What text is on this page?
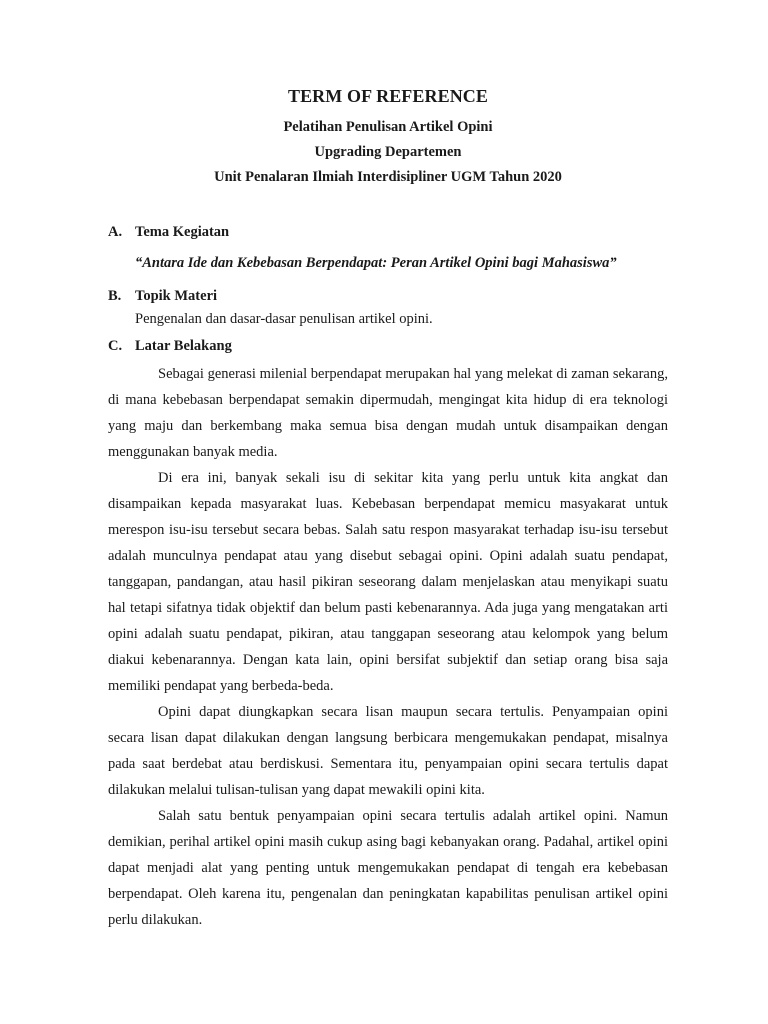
TERM OF REFERENCE
Pelatihan Penulisan Artikel Opini
Upgrading Departemen
Unit Penalaran Ilmiah Interdisipliner UGM Tahun 2020
A. Tema Kegiatan
“Antara Ide dan Kebebasan Berpendapat: Peran Artikel Opini bagi Mahasiswa”
B. Topik Materi
Pengenalan dan dasar-dasar penulisan artikel opini.
C. Latar Belakang

Sebagai generasi milenial berpendapat merupakan hal yang melekat di zaman sekarang, di mana kebebasan berpendapat semakin dipermudah, mengingat kita hidup di era teknologi yang maju dan berkembang maka semua bisa dengan mudah untuk disampaikan dengan menggunakan banyak media.

Di era ini, banyak sekali isu di sekitar kita yang perlu untuk kita angkat dan disampaikan kepada masyarakat luas. Kebebasan berpendapat memicu masyakarat untuk merespon isu-isu tersebut secara bebas. Salah satu respon masyarakat terhadap isu-isu tersebut adalah munculnya pendapat atau yang disebut sebagai opini. Opini adalah suatu pendapat, tanggapan, pandangan, atau hasil pikiran seseorang dalam menjelaskan atau menyikapi suatu hal tetapi sifatnya tidak objektif dan belum pasti kebenarannya. Ada juga yang mengatakan arti opini adalah suatu pendapat, pikiran, atau tanggapan seseorang atau kelompok yang belum diakui kebenarannya. Dengan kata lain, opini bersifat subjektif dan setiap orang bisa saja memiliki pendapat yang berbeda-beda.

Opini dapat diungkapkan secara lisan maupun secara tertulis. Penyampaian opini secara lisan dapat dilakukan dengan langsung berbicara mengemukakan pendapat, misalnya pada saat berdebat atau berdiskusi. Sementara itu, penyampaian opini secara tertulis dapat dilakukan melalui tulisan-tulisan yang dapat mewakili opini kita.

Salah satu bentuk penyampaian opini secara tertulis adalah artikel opini. Namun demikian, perihal artikel opini masih cukup asing bagi kebanyakan orang. Padahal, artikel opini dapat menjadi alat yang penting untuk mengemukakan pendapat di tengah era kebebasan berpendapat. Oleh karena itu, pengenalan dan peningkatan kapabilitas penulisan artikel opini perlu dilakukan.
